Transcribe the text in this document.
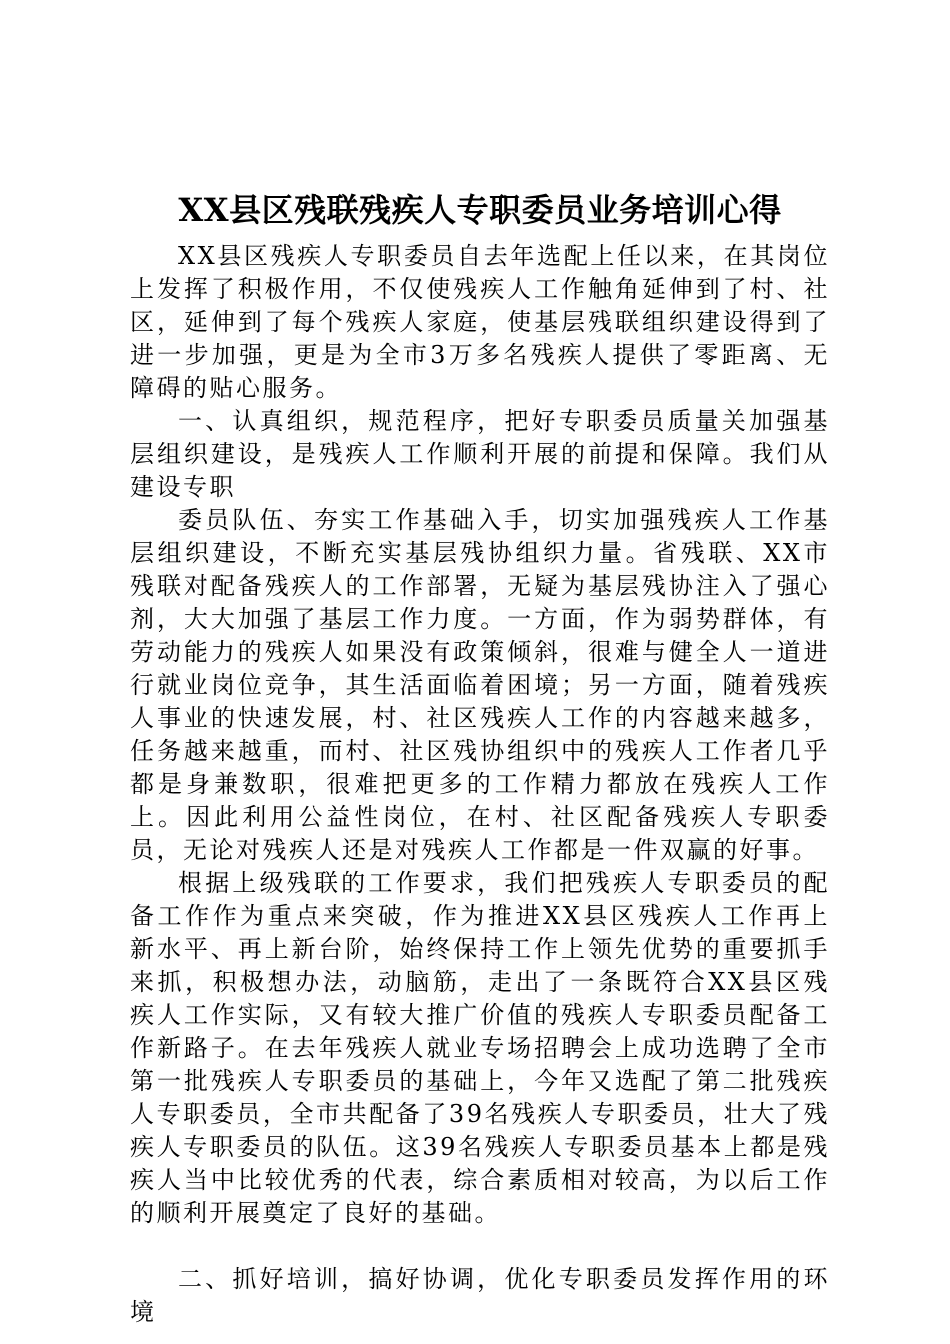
XX县区残联残疾人专职委员业务培训心得

XX县区残疾人专职委员自去年选配上任以来，在其岗位上发挥了积极作用，不仅使残疾人工作触角延伸到了村、社区，延伸到了每个残疾人家庭，使基层残联组织建设得到了进一步加强，更是为全市3万多名残疾人提供了零距离、无障碍的贴心服务。

一、认真组织，规范程序，把好专职委员质量关加强基层组织建设，是残疾人工作顺利开展的前提和保障。我们从建设专职

委员队伍、夯实工作基础入手，切实加强残疾人工作基层组织建设，不断充实基层残协组织力量。省残联、XX市残联对配备残疾人的工作部署，无疑为基层残协注入了强心剂，大大加强了基层工作力度。一方面，作为弱势群体，有劳动能力的残疾人如果没有政策倾斜，很难与健全人一道进行就业岗位竞争，其生活面临着困境；另一方面，随着残疾人事业的快速发展，村、社区残疾人工作的内容越来越多，任务越来越重，而村、社区残协组织中的残疾人工作者几乎都是身兼数职，很难把更多的工作精力都放在残疾人工作上。因此利用公益性岗位，在村、社区配备残疾人专职委员，无论对残疾人还是对残疾人工作都是一件双赢的好事。

根据上级残联的工作要求，我们把残疾人专职委员的配备工作作为重点来突破，作为推进XX县区残疾人工作再上新水平、再上新台阶，始终保持工作上领先优势的重要抓手来抓，积极想办法，动脑筋，走出了一条既符合XX县区残疾人工作实际，又有较大推广价值的残疾人专职委员配备工作新路子。在去年残疾人就业专场招聘会上成功选聘了全市第一批残疾人专职委员的基础上，今年又选配了第二批残疾人专职委员，全市共配备了39名残疾人专职委员，壮大了残疾人专职委员的队伍。这39名残疾人专职委员基本上都是残疾人当中比较优秀的代表，综合素质相对较高，为以后工作的顺利开展奠定了良好的基础。

二、抓好培训，搞好协调，优化专职委员发挥作用的环境
